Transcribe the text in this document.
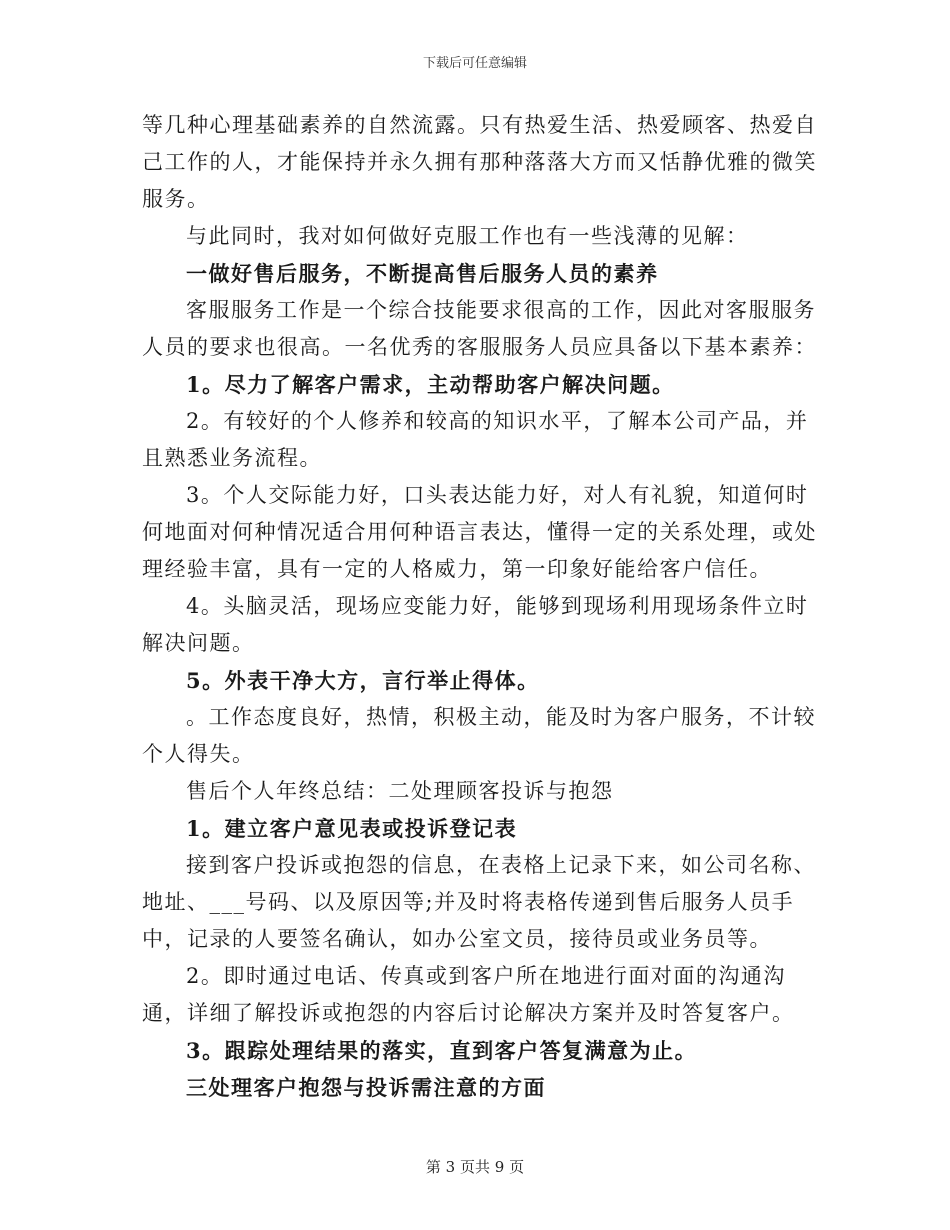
下载后可任意编辑

等几种心理基础素养的自然流露。只有热爱生活、热爱顾客、热爱自己工作的人，才能保持并永久拥有那种落落大方而又恬静优雅的微笑服务。

与此同时，我对如何做好克服工作也有一些浅薄的见解：

一做好售后服务，不断提高售后服务人员的素养

客服服务工作是一个综合技能要求很高的工作，因此对客服服务人员的要求也很高。一名优秀的客服服务人员应具备以下基本素养：

1。尽力了解客户需求，主动帮助客户解决问题。

2。有较好的个人修养和较高的知识水平，了解本公司产品，并且熟悉业务流程。

3。个人交际能力好，口头表达能力好，对人有礼貌，知道何时何地面对何种情况适合用何种语言表达，懂得一定的关系处理，或处理经验丰富，具有一定的人格威力，第一印象好能给客户信任。

4。头脑灵活，现场应变能力好，能够到现场利用现场条件立时解决问题。

5。外表干净大方，言行举止得体。

。工作态度良好，热情，积极主动，能及时为客户服务，不计较个人得失。

售后个人年终总结：二处理顾客投诉与抱怨

1。建立客户意见表或投诉登记表

接到客户投诉或抱怨的信息，在表格上记录下来，如公司名称、地址、___号码、以及原因等;并及时将表格传递到售后服务人员手中，记录的人要签名确认，如办公室文员，接待员或业务员等。

2。即时通过电话、传真或到客户所在地进行面对面的沟通沟通，详细了解投诉或抱怨的内容后讨论解决方案并及时答复客户。

3。跟踪处理结果的落实，直到客户答复满意为止。

三处理客户抱怨与投诉需注意的方面

第 3 页共 9 页
